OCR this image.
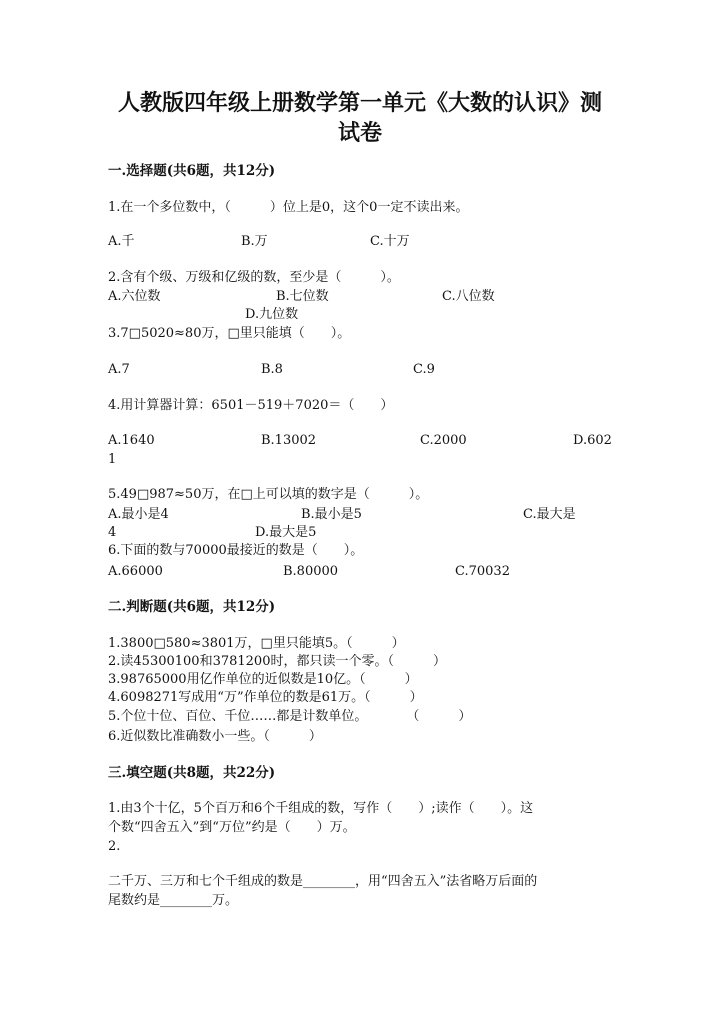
人教版四年级上册数学第一单元《大数的认识》测
试卷
一.选择题(共6题，共12分)
1.在一个多位数中，（　　　）位上是0，这个0一定不读出来。
A.千	B.万	C.十万
2.含有个级、万级和亿级的数，至少是（　　　）。
A.六位数	B.七位数	C.八位数
D.九位数
3.7□5020≈80万，□里只能填（　　）。
A.7	B.8	C.9
4.用计算器计算：6501－519＋7020＝（　　）
A.1640	B.13002	C.2000	D.602
1
5.49□987≈50万，在□上可以填的数字是（　　　）。
A.最小是4	B.最小是5	C.最大是
4	D.最大是5
6.下面的数与70000最接近的数是（　　）。
A.66000	B.80000	C.70032
二.判断题(共6题，共12分)
1.3800□580≈3801万，□里只能填5。（　　　）
2.读45300100和3781200时，都只读一个零。（　　　）
3.98765000用亿作单位的近似数是10亿。（　　　）
4.6098271写成用“万”作单位的数是61万。（　　　）
5.个位十位、百位、千位……都是计数单位。　　　　（　　　）
6.近似数比准确数小一些。（　　　）
三.填空题(共8题，共22分)
1.由3个十亿，5个百万和6个千组成的数，写作（　　）;读作（　　）。这
个数“四舍五入”到“万位”约是（　　）万。
2.
二千万、三万和七个千组成的数是________，用“四舍五入”法省略万后面的
尾数约是________万。
